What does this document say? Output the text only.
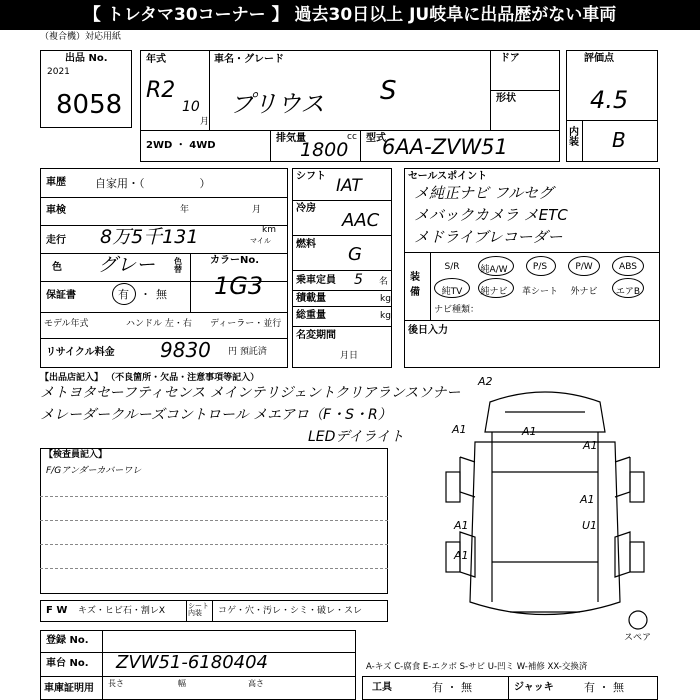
【 トレタマ30コーナー 】 過去30日以上 JU岐阜に出品歴がない車両
（複合機）対応用紙
出品 No.
2021
8058
年式
R2
10
月
車名・グレード
プリウス S
ドア
形状
2WD ・ 4WD
排気量	cc
1800
型式
6AA-ZVW51
評価点
4.5
内装 B
車歴	自家用・（　　　　　）
車検	年	月
走行 8万5千131	km
マイル
色 グレー 色替
保証書	有 ・ 無
モデル年式	ハンドル 左・右 ディーラー・並行
リサイクル料金 9830 円 預託済
シフト IAT
冷房
AAC
燃料 G
乗車定員 5 名
積載量	kg
総重量	kg
名変期間
月日
カラーNo.
1G3
セールスポイント
メ純正ナビ フルセグ
メバックカメラ メETC
メドライブレコーダー
装備
S/R	純A/W	P/S	P/W	ABS
純TV	純ナビ	革シート	外ナビ	エアB
ナビ種類：
後日入力
【出品店記入】 （不良箇所・欠品・注意事項等記入）
メトヨタセーフティセンス メインテリジェントクリアランスソナー
メレーダークルーズコントロール メエアロ（F・S・R）
LEDデイライト
【検査員記入】
F/Gアンダーカバーワレ
A2
A1	A1
A1
A1
U1
A1
A1
スペア
F W キズ・ヒビ石・割レX	シート内装	コゲ・穴・汚レ・シミ・破レ・スレ
登録 No.
車台 No. ZVW51-6180404
車庫証明用 長さ	幅	高さ
A-キズ C-腐食 E-エクボ S-サビ U-凹ミ W-補修 XX-交換済
工具	有 ・ 無	ジャッキ	有 ・ 無
